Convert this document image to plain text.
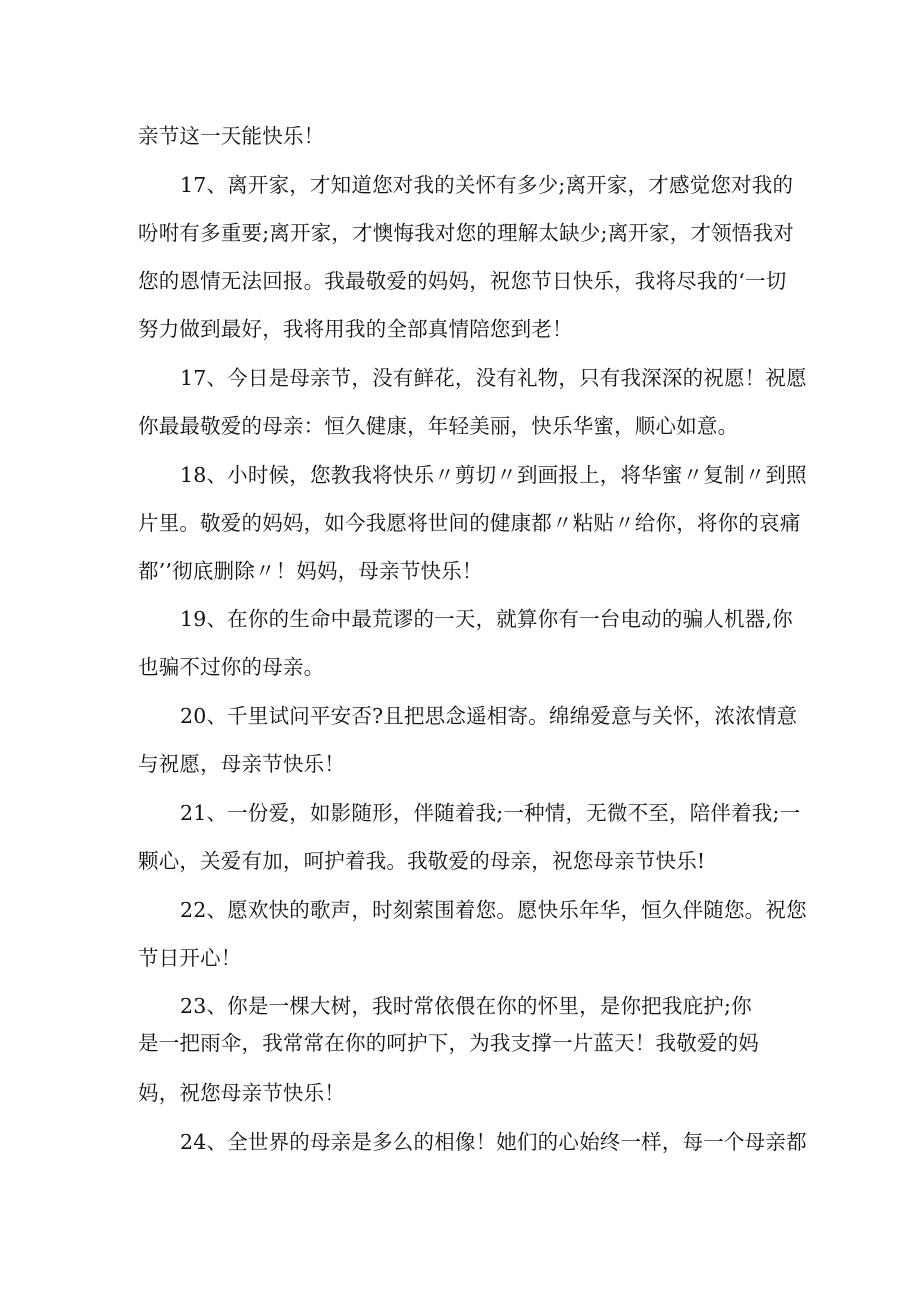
亲节这一天能快乐！
17、离开家，才知道您对我的关怀有多少;离开家，才感觉您对我的
吩咐有多重要;离开家，才懊悔我对您的理解太缺少;离开家，才领悟我对
您的恩情无法回报。我最敬爱的妈妈，祝您节日快乐，我将尽我的‘一切
努力做到最好，我将用我的全部真情陪您到老！
17、今日是母亲节，没有鲜花，没有礼物，只有我深深的祝愿！祝愿
你最最敬爱的母亲：恒久健康，年轻美丽，快乐华蜜，顺心如意。
18、小时候，您教我将快乐〃剪切〃到画报上，将华蜜〃复制〃到照
片里。敬爱的妈妈，如今我愿将世间的健康都〃粘贴〃给你，将你的哀痛
都’’彻底删除〃！妈妈，母亲节快乐！
19、在你的生命中最荒谬的一天，就算你有一台电动的骗人机器,你
也骗不过你的母亲。
20、千里试问平安否?且把思念遥相寄。绵绵爱意与关怀，浓浓情意
与祝愿，母亲节快乐！
21、一份爱，如影随形，伴随着我;一种情，无微不至，陪伴着我;一
颗心，关爱有加，呵护着我。我敬爱的母亲，祝您母亲节快乐!
22、愿欢快的歌声，时刻萦围着您。愿快乐年华，恒久伴随您。祝您
节日开心！
23、你是一棵大树，我时常依偎在你的怀里，是你把我庇护;你
是一把雨伞，我常常在你的呵护下，为我支撑一片蓝天！我敬爱的妈
妈，祝您母亲节快乐！
24、全世界的母亲是多么的相像！她们的心始终一样，每一个母亲都
